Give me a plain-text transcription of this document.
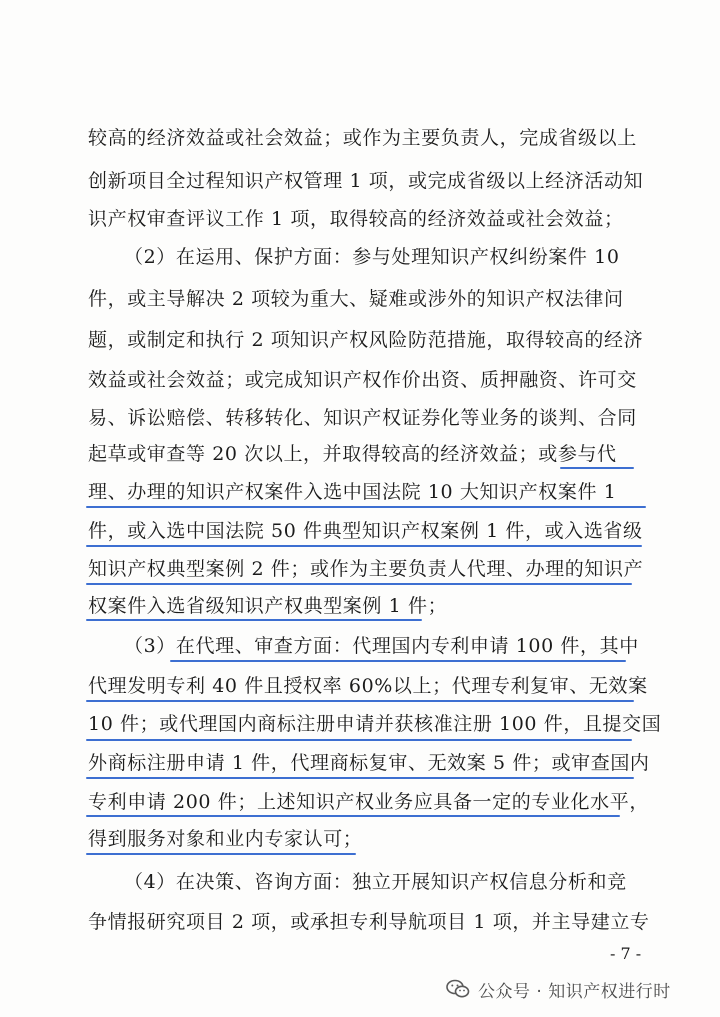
较高的经济效益或社会效益；或作为主要负责人，完成省级以上
创新项目全过程知识产权管理 1 项，或完成省级以上经济活动知
识产权审查评议工作 1 项，取得较高的经济效益或社会效益；
（2）在运用、保护方面：参与处理知识产权纠纷案件 10
件，或主导解决 2 项较为重大、疑难或涉外的知识产权法律问
题，或制定和执行 2 项知识产权风险防范措施，取得较高的经济
效益或社会效益；或完成知识产权作价出资、质押融资、许可交
易、诉讼赔偿、转移转化、知识产权证券化等业务的谈判、合同
起草或审查等 20 次以上，并取得较高的经济效益；或参与代
理、办理的知识产权案件入选中国法院 10 大知识产权案件 1
件，或入选中国法院 50 件典型知识产权案例 1 件，或入选省级
知识产权典型案例 2 件；或作为主要负责人代理、办理的知识产
权案件入选省级知识产权典型案例 1 件；
（3）在代理、审查方面：代理国内专利申请 100 件，其中
代理发明专利 40 件且授权率 60%以上；代理专利复审、无效案
10 件；或代理国内商标注册申请并获核准注册 100 件，且提交国
外商标注册申请 1 件，代理商标复审、无效案 5 件；或审查国内
专利申请 200 件；上述知识产权业务应具备一定的专业化水平，
得到服务对象和业内专家认可；
（4）在决策、咨询方面：独立开展知识产权信息分析和竞
争情报研究项目 2 项，或承担专利导航项目 1 项，并主导建立专
- 7 -
公众号 · 知识产权进行时
